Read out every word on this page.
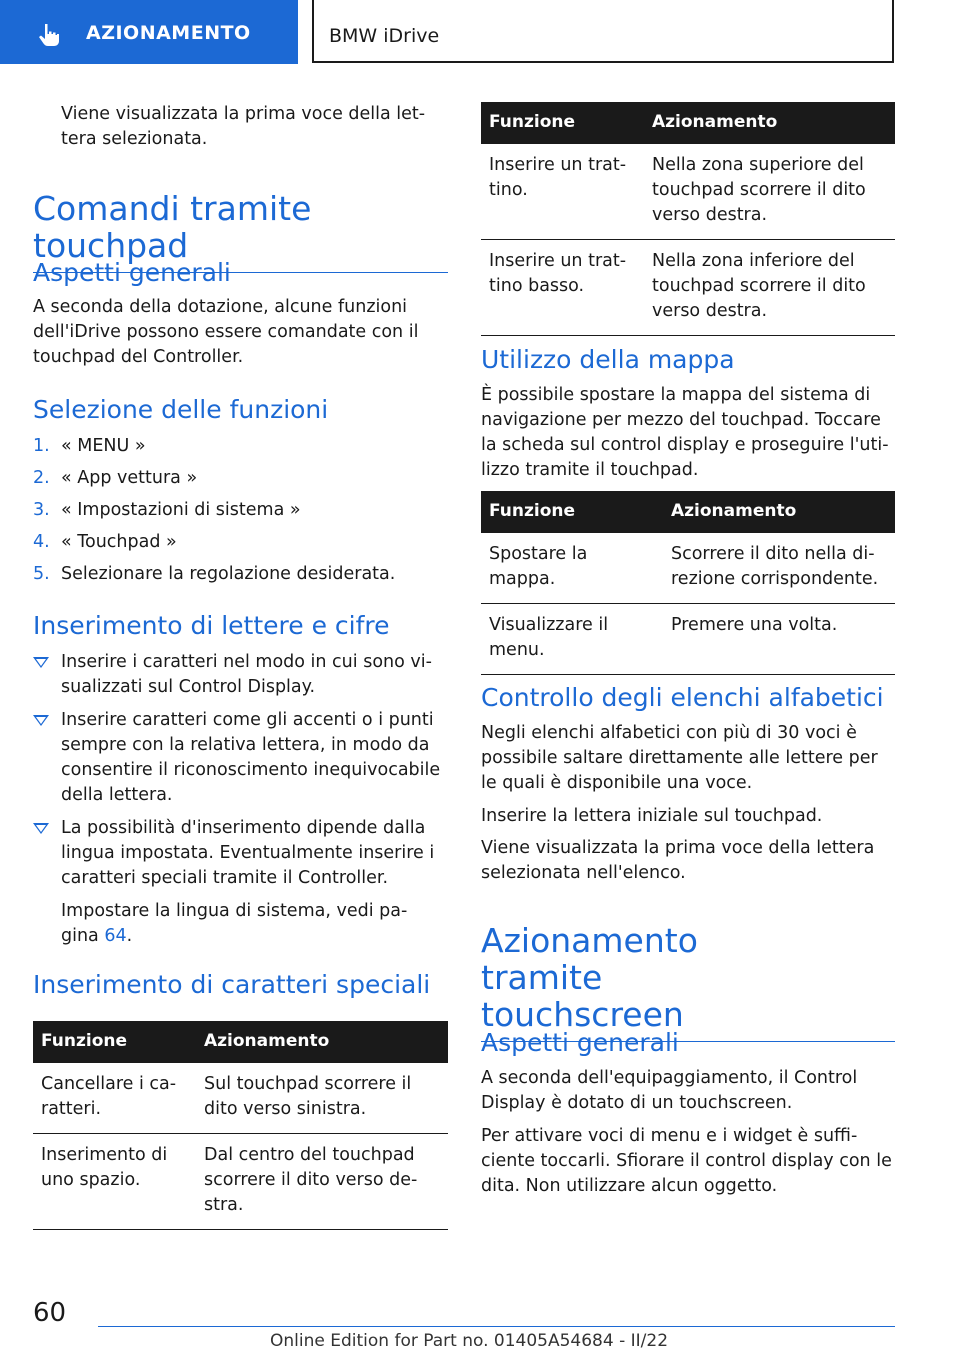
AZIONAMENTO	BMW iDrive

Viene visualizzata la prima voce della let- tera selezionata.

Comandi tramite touchpad
Aspetti generali

A seconda della dotazione, alcune funzioni dell'iDrive possono essere comandate con il touchpad del Controller.

Selezione delle funzioni
1. « MENU »
2. « App vettura »
3. « Impostazioni di sistema »
4. « Touchpad »
5. Selezionare la regolazione desiderata.
Inserimento di lettere e cifre
Inserire i caratteri nel modo in cui sono vi- sualizzati sul Control Display.
Inserire caratteri come gli accenti o i punti sempre con la relativa lettera, in modo da consentire il riconoscimento inequivocabile della lettera.
La possibilità d'inserimento dipende dalla lingua impostata. Eventualmente inserire i caratteri speciali tramite il Controller.
Impostare la lingua di sistema, vedi pa- gina 64.
Inserimento di caratteri speciali
Funzione	Azionamento
Cancellare i ca- ratteri.	Sul touchpad scorrere il dito verso sinistra.
Inserimento di uno spazio.	Dal centro del touchpad scorrere il dito verso de- stra.
Funzione	Azionamento
Inserire un trat- tino.	Nella zona superiore del touchpad scorrere il dito verso destra.
Inserire un trat- tino basso.	Nella zona inferiore del touchpad scorrere il dito verso destra.
Utilizzo della mappa

È possibile spostare la mappa del sistema di navigazione per mezzo del touchpad. Toccare la scheda sul control display e proseguire l'uti- lizzo tramite il touchpad.

Funzione	Azionamento
Spostare la mappa.	Scorrere il dito nella di- rezione corrispondente.
Visualizzare il menu.	Premere una volta.
Controllo degli elenchi alfabetici

Negli elenchi alfabetici con più di 30 voci è possibile saltare direttamente alle lettere per le quali è disponibile una voce.

Inserire la lettera iniziale sul touchpad.

Viene visualizzata la prima voce della lettera selezionata nell'elenco.

Azionamento tramite touchscreen
Aspetti generali

A seconda dell'equipaggiamento, il Control Display è dotato di un touchscreen.

Per attivare voci di menu e i widget è suffi- ciente toccarli. Sfiorare il control display con le dita. Non utilizzare alcun oggetto.

60
Online Edition for Part no. 01405A54684 - II/22
